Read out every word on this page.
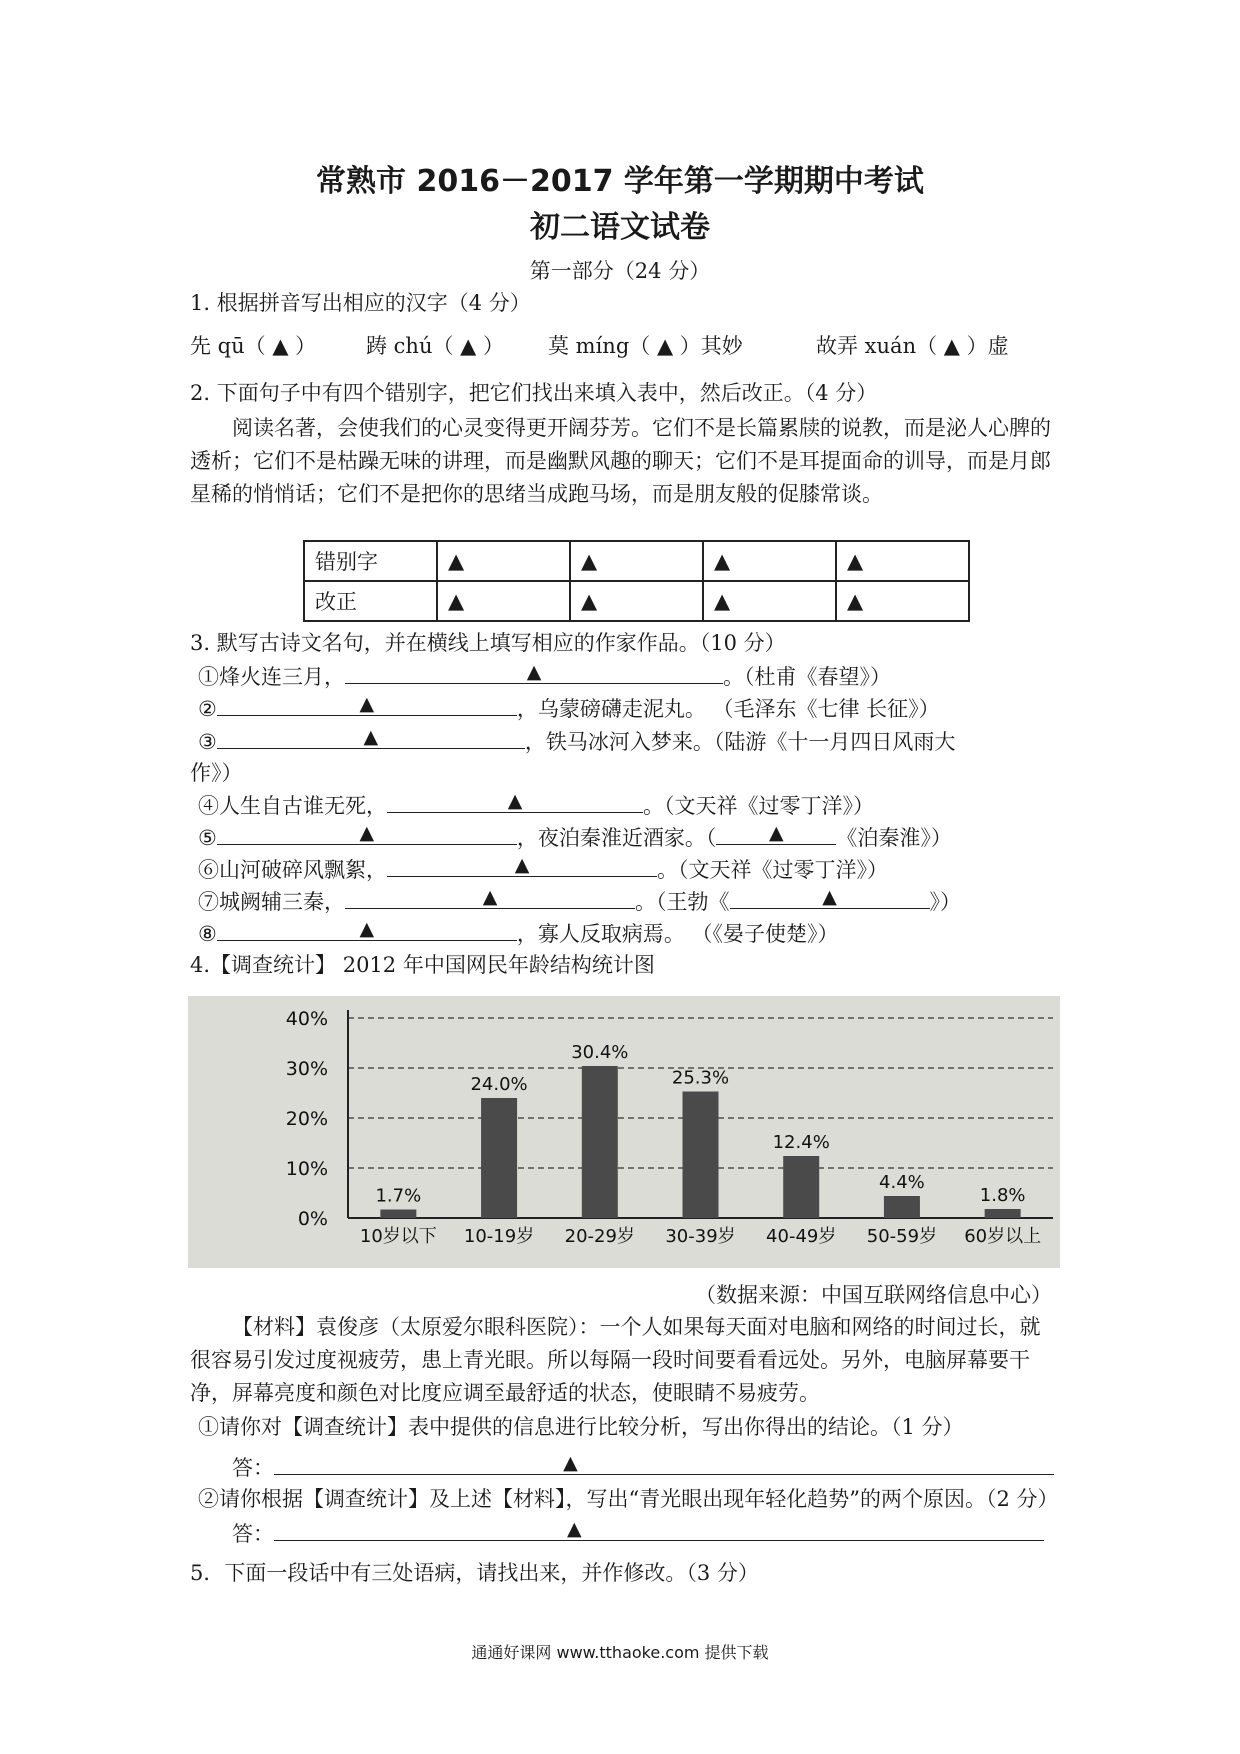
常熟市 2016－2017 学年第一学期期中考试
初二语文试卷
第一部分（24 分）
1. 根据拼音写出相应的汉字（4 分）
先 qū（ ▲ ） 踌 chú（ ▲ ） 莫 míng（ ▲ ）其妙	故弄 xuán（ ▲ ）虚
2. 下面句子中有四个错别字，把它们找出来填入表中，然后改正。（4 分）
阅读名著，会使我们的心灵变得更开阔芬芳。它们不是长篇累牍的说教，而是泌人心脾的透析；它们不是枯躁无味的讲理，而是幽默风趣的聊天；它们不是耳提面命的训导，而是月郎星稀的悄悄话；它们不是把你的思绪当成跑马场，而是朋友般的促膝常谈。
错别字	▲	▲	▲	▲
改正	▲	▲	▲	▲
3. 默写古诗文名句，并在横线上填写相应的作家作品。（10 分）
①烽火连三月，	▲	。（杜甫《春望》）
②	▲	，乌蒙磅礴走泥丸。 （毛泽东《七律 长征》）
③	▲	，铁马冰河入梦来。（陆游《十一月四日风雨大
作》）
④人生自古谁无死，	▲	。（文天祥《过零丁洋》）
⑤	▲	，夜泊秦淮近酒家。（	▲	《泊秦淮》）
⑥山河破碎风飘絮，	▲	。（文天祥《过零丁洋》）
⑦城阙辅三秦，	▲	。（王勃《	▲	》）
⑧	▲	，寡人反取病焉。 （《晏子使楚》）
4.【调查统计】 2012 年中国网民年龄结构统计图
0%
10%
20%
30%
40%
1.7%
10岁以下
24.0%
10-19岁
30.4%
20-29岁
25.3%
30-39岁
12.4%
40-49岁
4.4%
50-59岁
1.8%
60岁以上
（数据来源：中国互联网络信息中心）
【材料】袁俊彦（太原爱尔眼科医院）：一个人如果每天面对电脑和网络的时间过长，就很容易引发过度视疲劳，患上青光眼。所以每隔一段时间要看看远处。另外，电脑屏幕要干净，屏幕亮度和颜色对比度应调至最舒适的状态，使眼睛不易疲劳。
①请你对【调查统计】表中提供的信息进行比较分析，写出你得出的结论。（1 分）
答：	▲
②请你根据【调查统计】及上述【材料】，写出“青光眼出现年轻化趋势”的两个原因。（2 分）
答：	▲
5．下面一段话中有三处语病，请找出来，并作修改。（3 分）
通通好课网 www.tthaoke.com 提供下载
